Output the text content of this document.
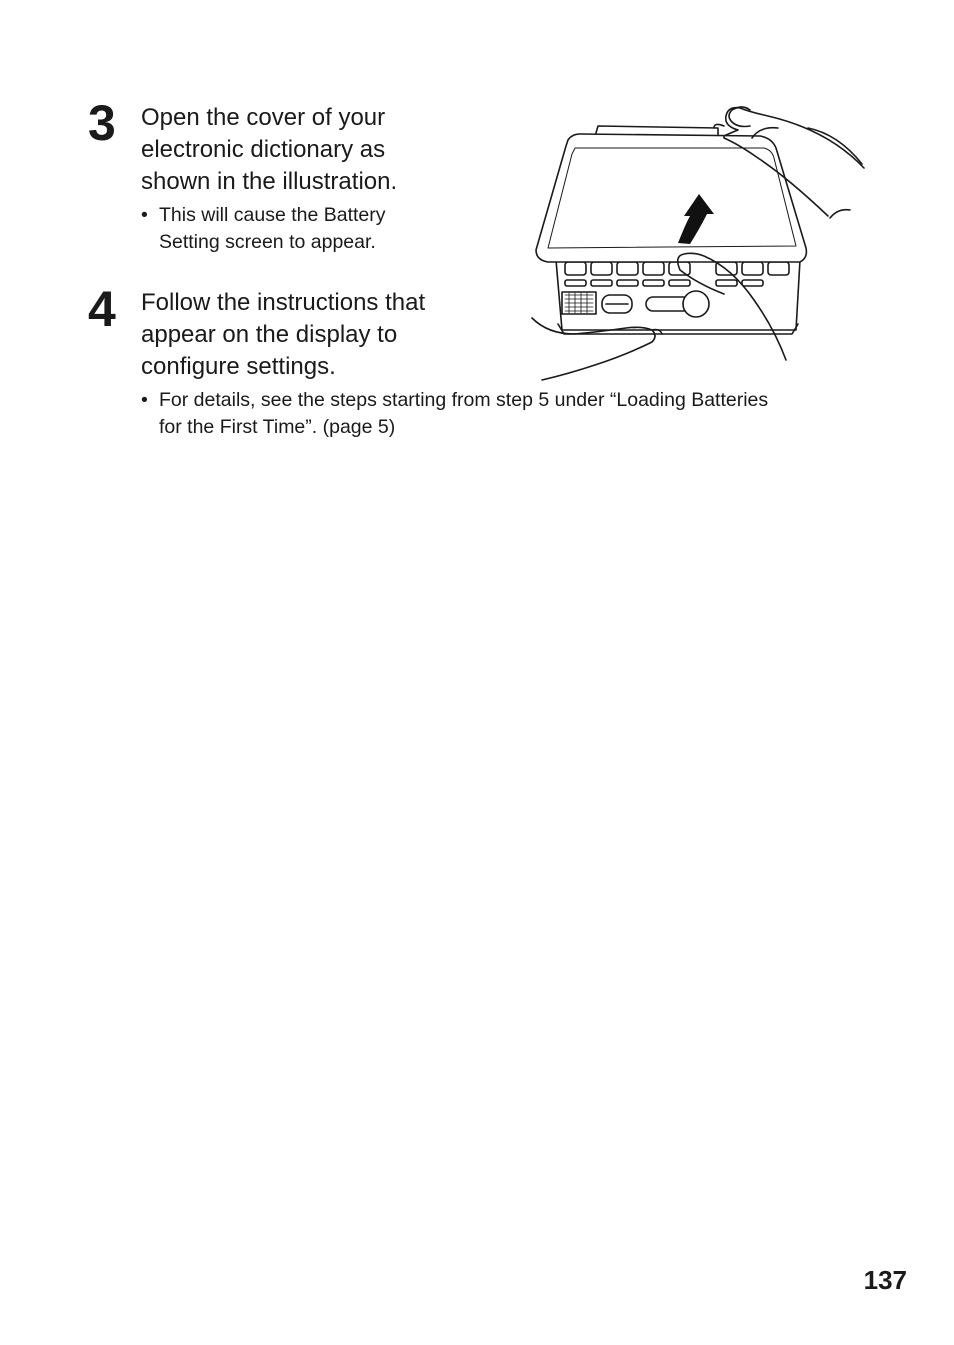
3 Open the cover of your
electronic dictionary as
shown in the illustration.
• This will cause the Battery
Setting screen to appear.
4 Follow the instructions that
appear on the display to
configure settings.
• For details, see the steps starting from step 5 under “Loading Batteries
for the First Time”. (page 5)
137
